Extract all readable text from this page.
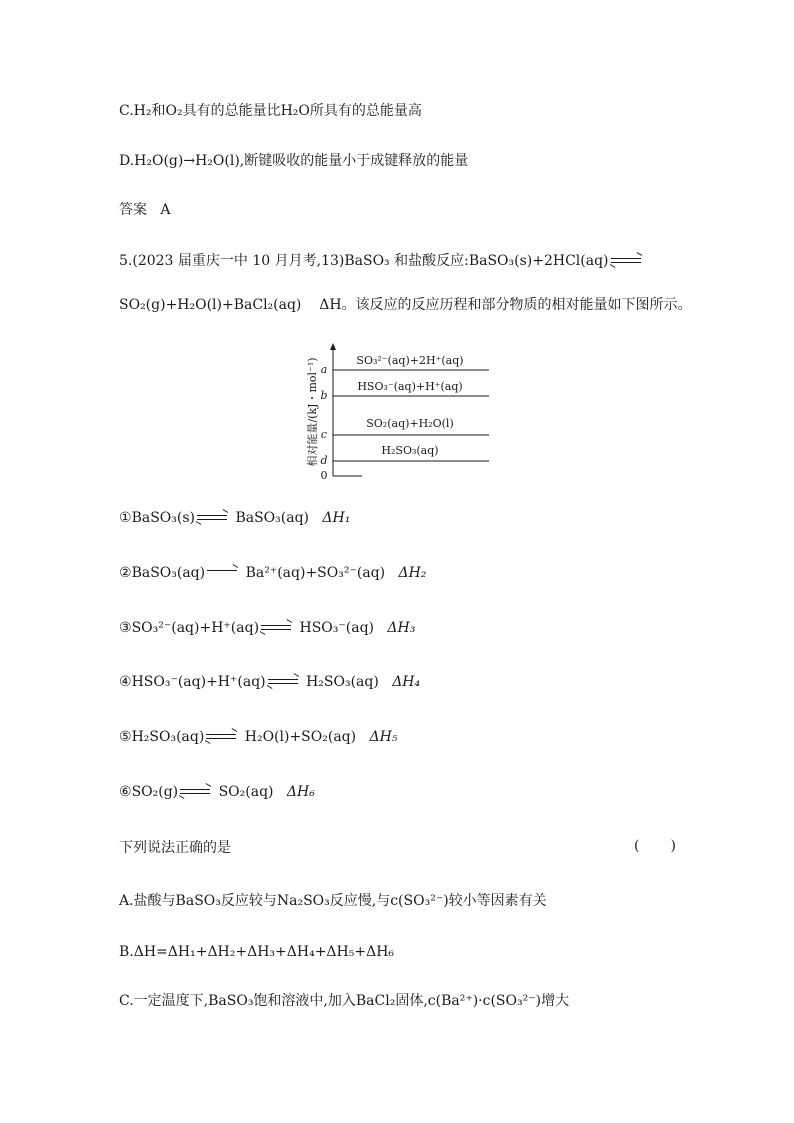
C.H₂和O₂具有的总能量比H₂O所具有的总能量高
D.H₂O(g)→H₂O(l),断键吸收的能量小于成键释放的能量
答案 A
5.(2023 届重庆一中 10 月月考,13)BaSO₃ 和盐酸反应:BaSO₃(s)+2HCl(aq)
SO₂(g)+H₂O(l)+BaCl₂(aq) ΔH。该反应的反应历程和部分物质的相对能量如下图所示。
相对能量/(kJ・mol⁻¹) a
b
c
d
0
SO₃²⁻(aq)+2H⁺(aq)
HSO₃⁻(aq)+H⁺(aq)
SO₂(aq)+H₂O(l)
H₂SO₃(aq)
①BaSO₃(s)	BaSO₃(aq) ΔH₁
②BaSO₃(aq)	Ba²⁺(aq)+SO₃²⁻(aq) ΔH₂
③SO₃²⁻(aq)+H⁺(aq)	HSO₃⁻(aq) ΔH₃
④HSO₃⁻(aq)+H⁺(aq)	H₂SO₃(aq) ΔH₄
⑤H₂SO₃(aq)	H₂O(l)+SO₂(aq) ΔH₅
⑥SO₂(g)	SO₂(aq) ΔH₆
下列说法正确的是	( )
A.盐酸与BaSO₃反应较与Na₂SO₃反应慢,与c(SO₃²⁻)较小等因素有关
B.ΔH=ΔH₁+ΔH₂+ΔH₃+ΔH₄+ΔH₅+ΔH₆
C.一定温度下,BaSO₃饱和溶液中,加入BaCl₂固体,c(Ba²⁺)·c(SO₃²⁻)增大
